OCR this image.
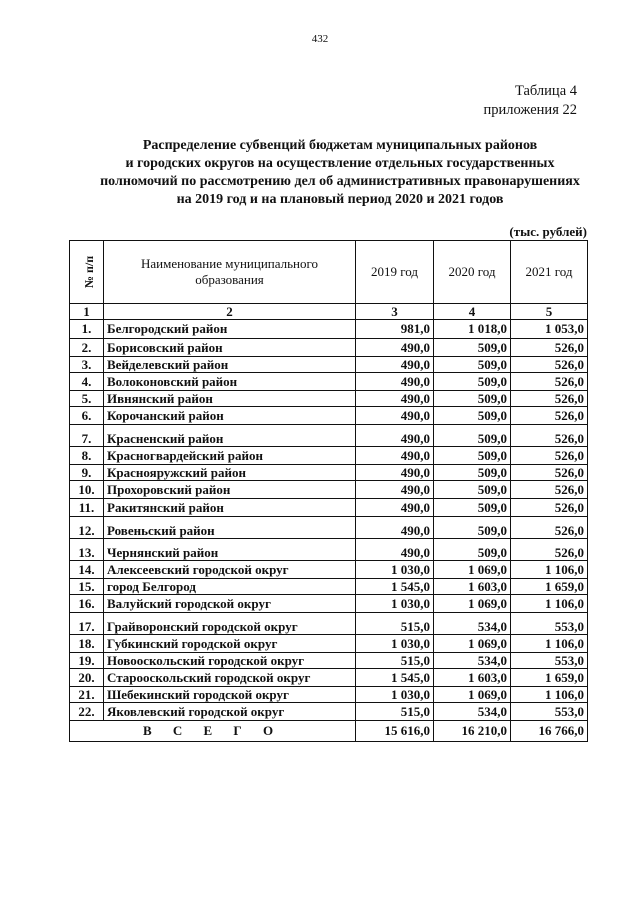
432
Таблица 4
приложения 22
Распределение субвенций бюджетам муниципальных районов
и городских округов на осуществление отдельных государственных
полномочий по рассмотрению дел об административных правонарушениях
на 2019 год и на плановый период 2020 и 2021 годов
(тыс. рублей)
№ п/п	Наименование муниципального образования	2019 год	2020 год	2021 год
1	2	3	4	5
1.	Белгородский район	981,0	1 018,0	1 053,0
2.	Борисовский район	490,0	509,0	526,0
3.	Вейделевский район	490,0	509,0	526,0
4.	Волоконовский район	490,0	509,0	526,0
5.	Ивнянский район	490,0	509,0	526,0
6.	Корочанский район	490,0	509,0	526,0
7.	Красненский район	490,0	509,0	526,0
8.	Красногвардейский район	490,0	509,0	526,0
9.	Краснояружский район	490,0	509,0	526,0
10.	Прохоровский район	490,0	509,0	526,0
11.	Ракитянский район	490,0	509,0	526,0
12.	Ровеньский район	490,0	509,0	526,0
13.	Чернянский район	490,0	509,0	526,0
14.	Алексеевский городской округ	1 030,0	1 069,0	1 106,0
15.	город Белгород	1 545,0	1 603,0	1 659,0
16.	Валуйский городской округ	1 030,0	1 069,0	1 106,0
17.	Грайворонский городской округ	515,0	534,0	553,0
18.	Губкинский городской округ	1 030,0	1 069,0	1 106,0
19.	Новооскольский городской округ	515,0	534,0	553,0
20.	Старооскольский городской округ	1 545,0	1 603,0	1 659,0
21.	Шебекинский городской округ	1 030,0	1 069,0	1 106,0
22.	Яковлевский городской округ	515,0	534,0	553,0
В С Е Г О		15 616,0	16 210,0	16 766,0
